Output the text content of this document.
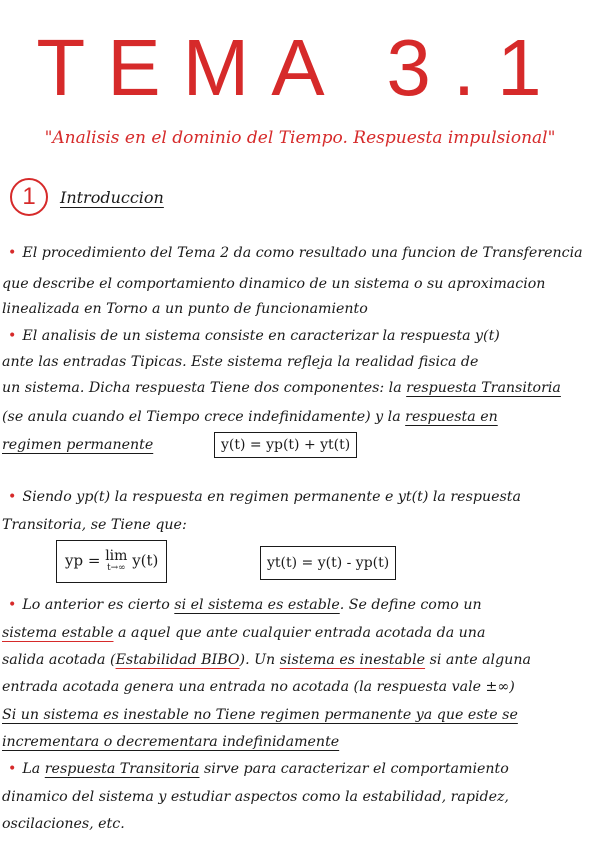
TEMA 3.1
"Analisis en el dominio del Tiempo. Respuesta impulsional"
1	Introduccion
• El procedimiento del Tema 2 da como resultado una funcion de Transferencia
que describe el comportamiento dinamico de un sistema o su aproximacion
linealizada en Torno a un punto de funcionamiento
• El analisis de un sistema consiste en caracterizar la respuesta y(t)
ante las entradas Tipicas. Este sistema refleja la realidad fisica de
un sistema. Dicha respuesta Tiene dos componentes: la respuesta Transitoria
(se anula cuando el Tiempo crece indefinidamente) y la respuesta en
regimen permanente	y(t) = yp(t) + yt(t)
• Siendo yp(t) la respuesta en regimen permanente e yt(t) la respuesta
Transitoria, se Tiene que:
yp = lim
t→∞ y(t)	yt(t) = y(t) - yp(t)
• Lo anterior es cierto si el sistema es estable. Se define como un
sistema estable a aquel que ante cualquier entrada acotada da una
salida acotada (Estabilidad BIBO). Un sistema es inestable si ante alguna
entrada acotada genera una entrada no acotada (la respuesta vale ±∞)
Si un sistema es inestable no Tiene regimen permanente ya que este se
incrementara o decrementara indefinidamente
• La respuesta Transitoria sirve para caracterizar el comportamiento
dinamico del sistema y estudiar aspectos como la estabilidad, rapidez,
oscilaciones, etc.
